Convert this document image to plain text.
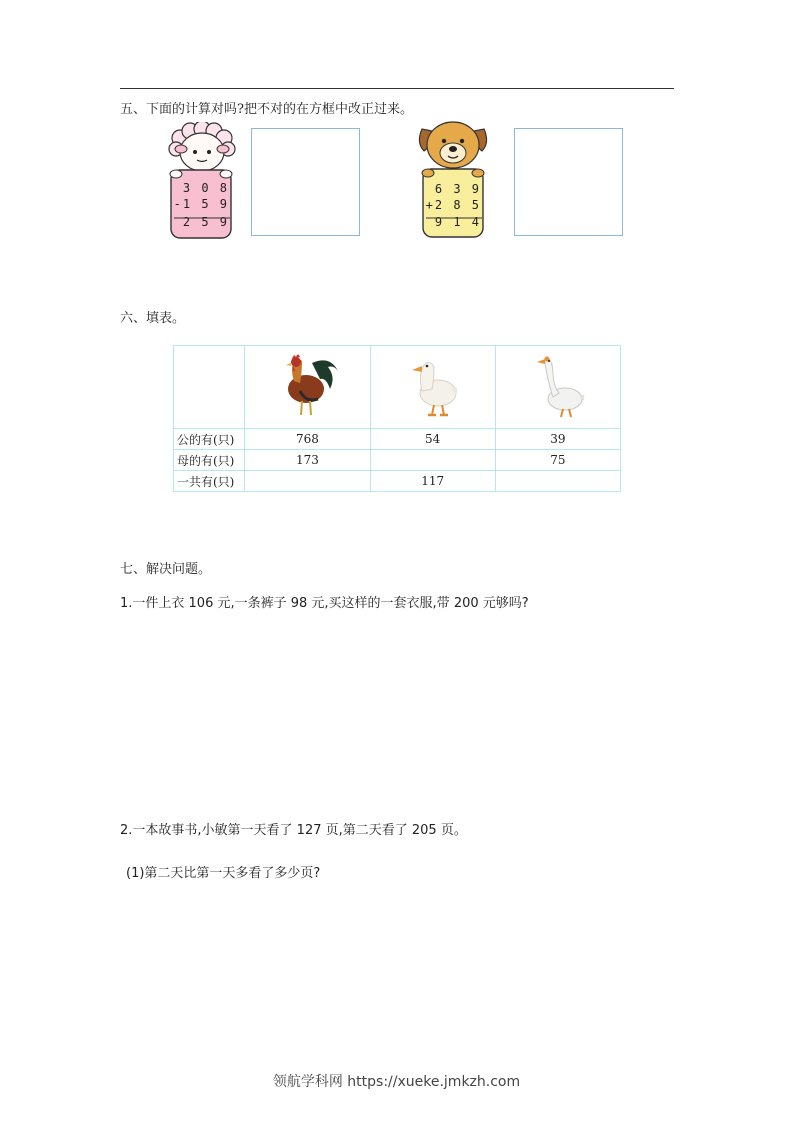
五、下面的计算对吗?把不对的在方框中改正过来。
3 0 8
-1 5 9
2 5 9
6 3 9
+2 8 5
9 1 4
六、填表。

公的有(只)	768	54	39
母的有(只)	173		75
一共有(只)		117	
七、解决问题。
1.一件上衣 106 元,一条裤子 98 元,买这样的一套衣服,带 200 元够吗?
2.一本故事书,小敏第一天看了 127 页,第二天看了 205 页。
(1)第二天比第一天多看了多少页?
领航学科网 https://xueke.jmkzh.com
